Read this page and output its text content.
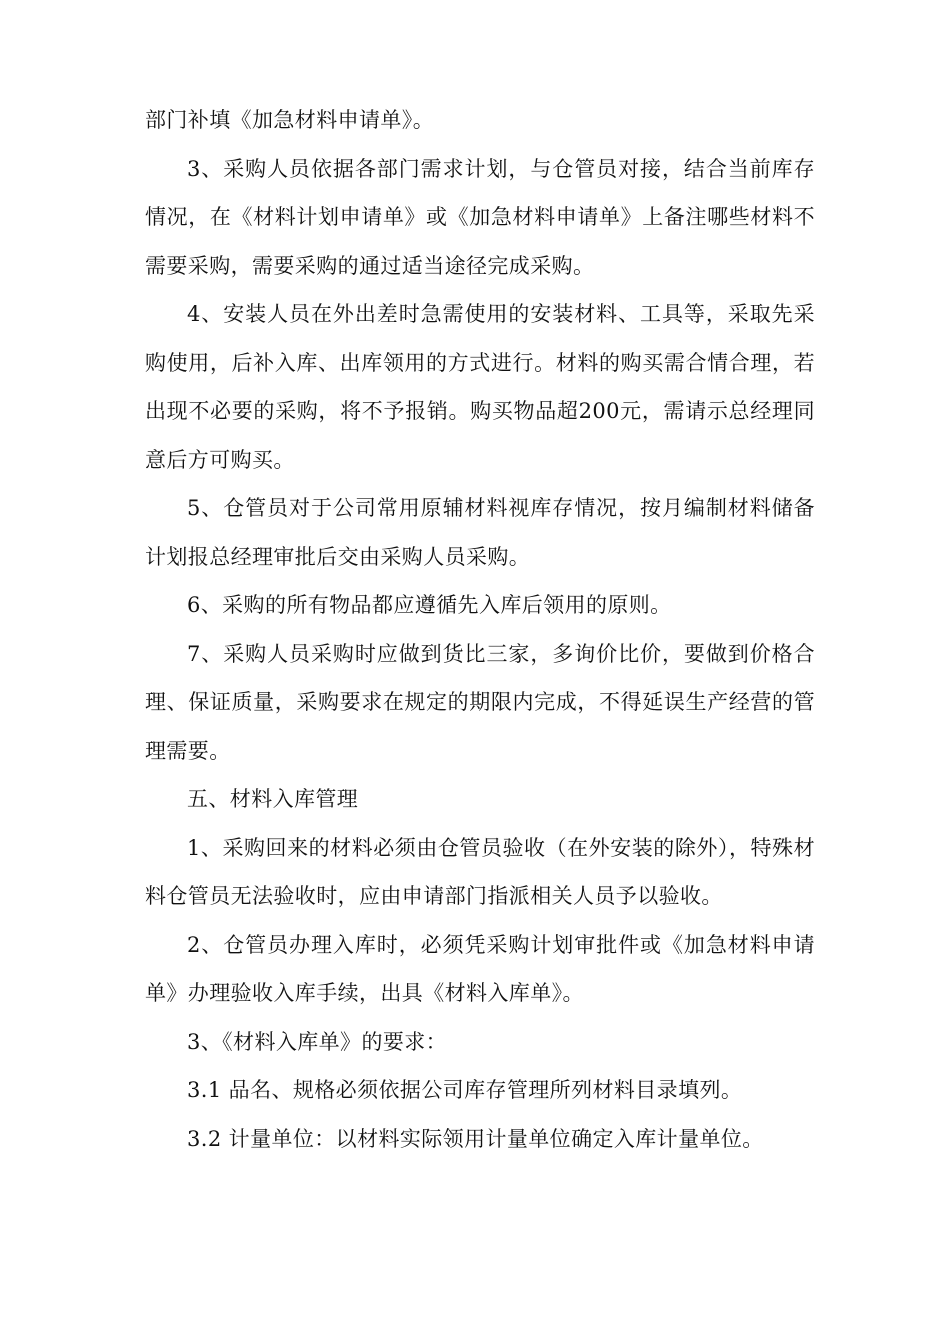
部门补填《加急材料申请单》。

3、采购人员依据各部门需求计划，与仓管员对接，结合当前库存情况，在《材料计划申请单》或《加急材料申请单》上备注哪些材料不需要采购，需要采购的通过适当途径完成采购。

4、安装人员在外出差时急需使用的安装材料、工具等，采取先采购使用，后补入库、出库领用的方式进行。材料的购买需合情合理，若出现不必要的采购，将不予报销。购买物品超200元，需请示总经理同意后方可购买。

5、仓管员对于公司常用原辅材料视库存情况，按月编制材料储备计划报总经理审批后交由采购人员采购。

6、采购的所有物品都应遵循先入库后领用的原则。

7、采购人员采购时应做到货比三家，多询价比价，要做到价格合理、保证质量，采购要求在规定的期限内完成，不得延误生产经营的管理需要。

五、材料入库管理

1、采购回来的材料必须由仓管员验收（在外安装的除外），特殊材料仓管员无法验收时，应由申请部门指派相关人员予以验收。

2、仓管员办理入库时，必须凭采购计划审批件或《加急材料申请单》办理验收入库手续，出具《材料入库单》。

3、《材料入库单》的要求：

3.1 品名、规格必须依据公司库存管理所列材料目录填列。

3.2 计量单位：以材料实际领用计量单位确定入库计量单位。
